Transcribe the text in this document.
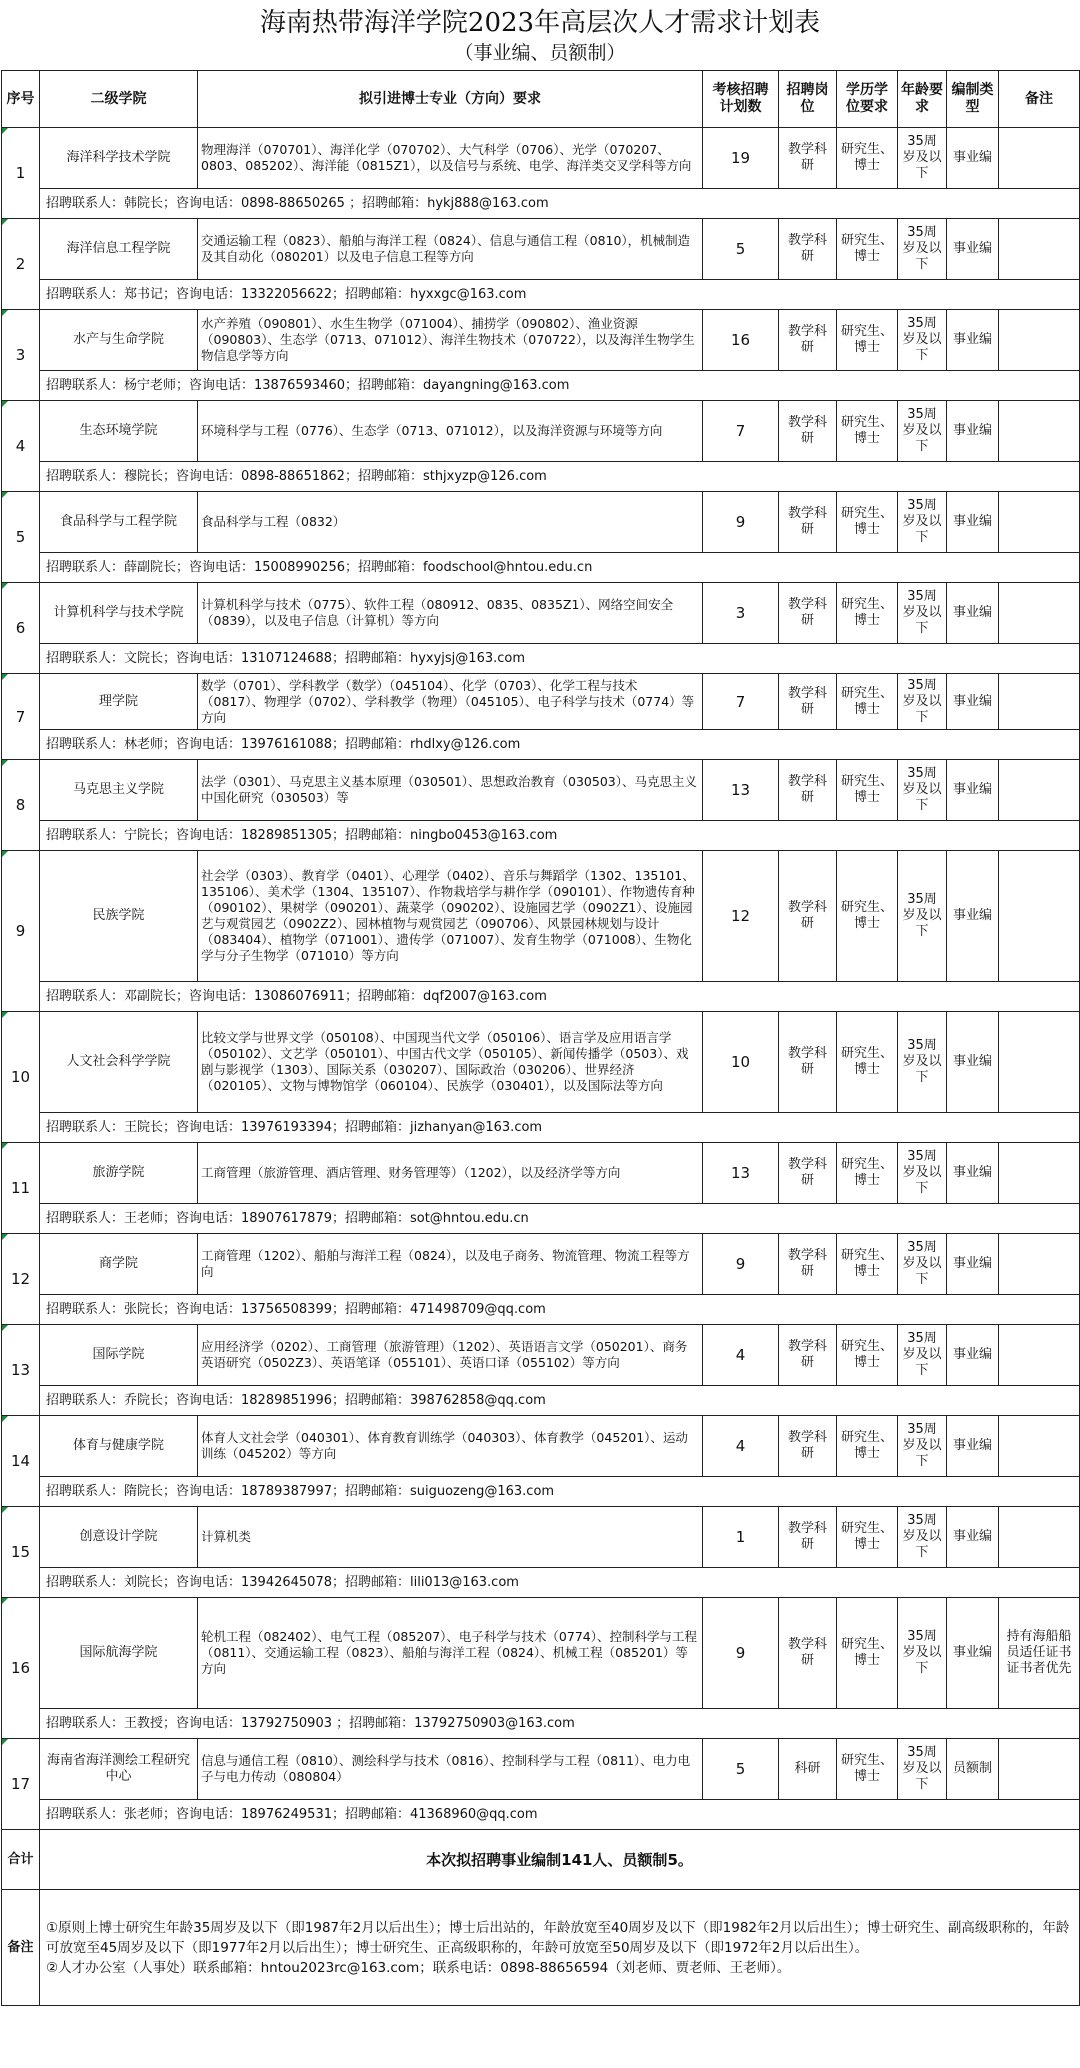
海南热带海洋学院2023年高层次人才需求计划表
（事业编、员额制）
序号	二级学院	拟引进博士专业（方向）要求	考核招聘计划数	招聘岗位	学历学位要求	年龄要求	编制类型	备注
1	海洋科学技术学院	物理海洋（070701）、海洋化学（070702）、大气科学（0706）、光学（070207、0803、085202）、海洋能（0815Z1），以及信号与系统、电学、海洋类交叉学科等方向	19	教学科研	研究生、博士	35周岁及以下	事业编	
	招聘联系人：韩院长；咨询电话：0898-88650265 ；招聘邮箱：hykj888@163.com							
2	海洋信息工程学院	交通运输工程（0823）、船舶与海洋工程（0824）、信息与通信工程（0810），机械制造及其自动化（080201）以及电子信息工程等方向	5	教学科研	研究生、博士	35周岁及以下	事业编	
	招聘联系人：郑书记；咨询电话：13322056622；招聘邮箱：hyxxgc@163.com							
3	水产与生命学院	水产养殖（090801）、水生生物学（071004）、捕捞学（090802）、渔业资源（090803）、生态学（0713、071012）、海洋生物技术（070722），以及海洋生物学生物信息学等方向	16	教学科研	研究生、博士	35周岁及以下	事业编	
	招聘联系人：杨宁老师；咨询电话：13876593460；招聘邮箱：dayangning@163.com							
4	生态环境学院	环境科学与工程（0776）、生态学（0713、071012），以及海洋资源与环境等方向	7	教学科研	研究生、博士	35周岁及以下	事业编	
	招聘联系人：穆院长；咨询电话：0898-88651862；招聘邮箱：sthjxyzp@126.com							
5	食品科学与工程学院	食品科学与工程（0832）	9	教学科研	研究生、博士	35周岁及以下	事业编	
	招聘联系人：薛副院长；咨询电话：15008990256；招聘邮箱：foodschool@hntou.edu.cn							
6	计算机科学与技术学院	计算机科学与技术（0775）、软件工程（080912、0835、0835Z1）、网络空间安全（0839），以及电子信息（计算机）等方向	3	教学科研	研究生、博士	35周岁及以下	事业编	
	招聘联系人：文院长；咨询电话：13107124688；招聘邮箱：hyxyjsj@163.com							
7	理学院	数学（0701）、学科教学（数学）（045104）、化学（0703）、化学工程与技术（0817）、物理学（0702）、学科教学（物理）（045105）、电子科学与技术（0774）等方向	7	教学科研	研究生、博士	35周岁及以下	事业编	
	招聘联系人：林老师；咨询电话：13976161088；招聘邮箱：rhdlxy@126.com							
8	马克思主义学院	法学（0301）、马克思主义基本原理（030501）、思想政治教育（030503）、马克思主义中国化研究（030503）等	13	教学科研	研究生、博士	35周岁及以下	事业编	
	招聘联系人：宁院长；咨询电话：18289851305；招聘邮箱：ningbo0453@163.com							
9	民族学院	社会学（0303）、教育学（0401）、心理学（0402）、音乐与舞蹈学（1302、135101、135106）、美术学（1304、135107）、作物栽培学与耕作学（090101）、作物遗传育种（090102）、果树学（090201）、蔬菜学（090202）、设施园艺学（0902Z1）、设施园艺与观赏园艺（0902Z2）、园林植物与观赏园艺（090706）、风景园林规划与设计（083404）、植物学（071001）、遗传学（071007）、发育生物学（071008）、生物化学与分子生物学（071010）等方向	12	教学科研	研究生、博士	35周岁及以下	事业编	
	招聘联系人：邓副院长；咨询电话：13086076911；招聘邮箱：dqf2007@163.com							
10	人文社会科学学院	比较文学与世界文学（050108）、中国现当代文学（050106）、语言学及应用语言学（050102）、文艺学（050101）、中国古代文学（050105）、新闻传播学（0503）、戏剧与影视学（1303）、国际关系（030207）、国际政治（030206）、世界经济（020105）、文物与博物馆学（060104）、民族学（030401），以及国际法等方向	10	教学科研	研究生、博士	35周岁及以下	事业编	
	招聘联系人：王院长；咨询电话：13976193394；招聘邮箱：jizhanyan@163.com							
11	旅游学院	工商管理（旅游管理、酒店管理、财务管理等）（1202），以及经济学等方向	13	教学科研	研究生、博士	35周岁及以下	事业编	
	招聘联系人：王老师；咨询电话：18907617879；招聘邮箱：sot@hntou.edu.cn							
12	商学院	工商管理（1202）、船舶与海洋工程（0824），以及电子商务、物流管理、物流工程等方向	9	教学科研	研究生、博士	35周岁及以下	事业编	
	招聘联系人：张院长；咨询电话：13756508399；招聘邮箱：471498709@qq.com							
13	国际学院	应用经济学（0202）、工商管理（旅游管理）（1202）、英语语言文学（050201）、商务英语研究（0502Z3）、英语笔译（055101）、英语口译（055102）等方向	4	教学科研	研究生、博士	35周岁及以下	事业编	
	招聘联系人：乔院长；咨询电话：18289851996；招聘邮箱：398762858@qq.com							
14	体育与健康学院	体育人文社会学（040301）、体育教育训练学（040303）、体育教学（045201）、运动训练（045202）等方向	4	教学科研	研究生、博士	35周岁及以下	事业编	
	招聘联系人：隋院长；咨询电话：18789387997；招聘邮箱：suiguozeng@163.com							
15	创意设计学院	计算机类	1	教学科研	研究生、博士	35周岁及以下	事业编	
	招聘联系人：刘院长；咨询电话：13942645078；招聘邮箱：lili013@163.com							
16	国际航海学院	轮机工程（082402）、电气工程（085207）、电子科学与技术（0774）、控制科学与工程（0811）、交通运输工程（0823）、船舶与海洋工程（0824）、机械工程（085201）等方向	9	教学科研	研究生、博士	35周岁及以下	事业编	持有海船船员适任证书证书者优先
	招聘联系人：王教授；咨询电话：13792750903 ；招聘邮箱：13792750903@163.com							
17	海南省海洋测绘工程研究中心	信息与通信工程（0810）、测绘科学与技术（0816）、控制科学与工程（0811）、电力电子与电力传动（080804）	5	科研	研究生、博士	35周岁及以下	员额制	
	招聘联系人：张老师；咨询电话：18976249531；招聘邮箱：41368960@qq.com							
合计	本次拟招聘事业编制141人、员额制5。							
备注	①原则上博士研究生年龄35周岁及以下（即1987年2月以后出生）；博士后出站的，年龄放宽至40周岁及以下（即1982年2月以后出生）；博士研究生、副高级职称的，年龄可放宽至45周岁及以下（即1977年2月以后出生）；博士研究生、正高级职称的，年龄可放宽至50周岁及以下（即1972年2月以后出生）。
②人才办公室（人事处）联系邮箱：hntou2023rc@163.com；联系电话：0898-88656594（刘老师、贾老师、王老师）。							
